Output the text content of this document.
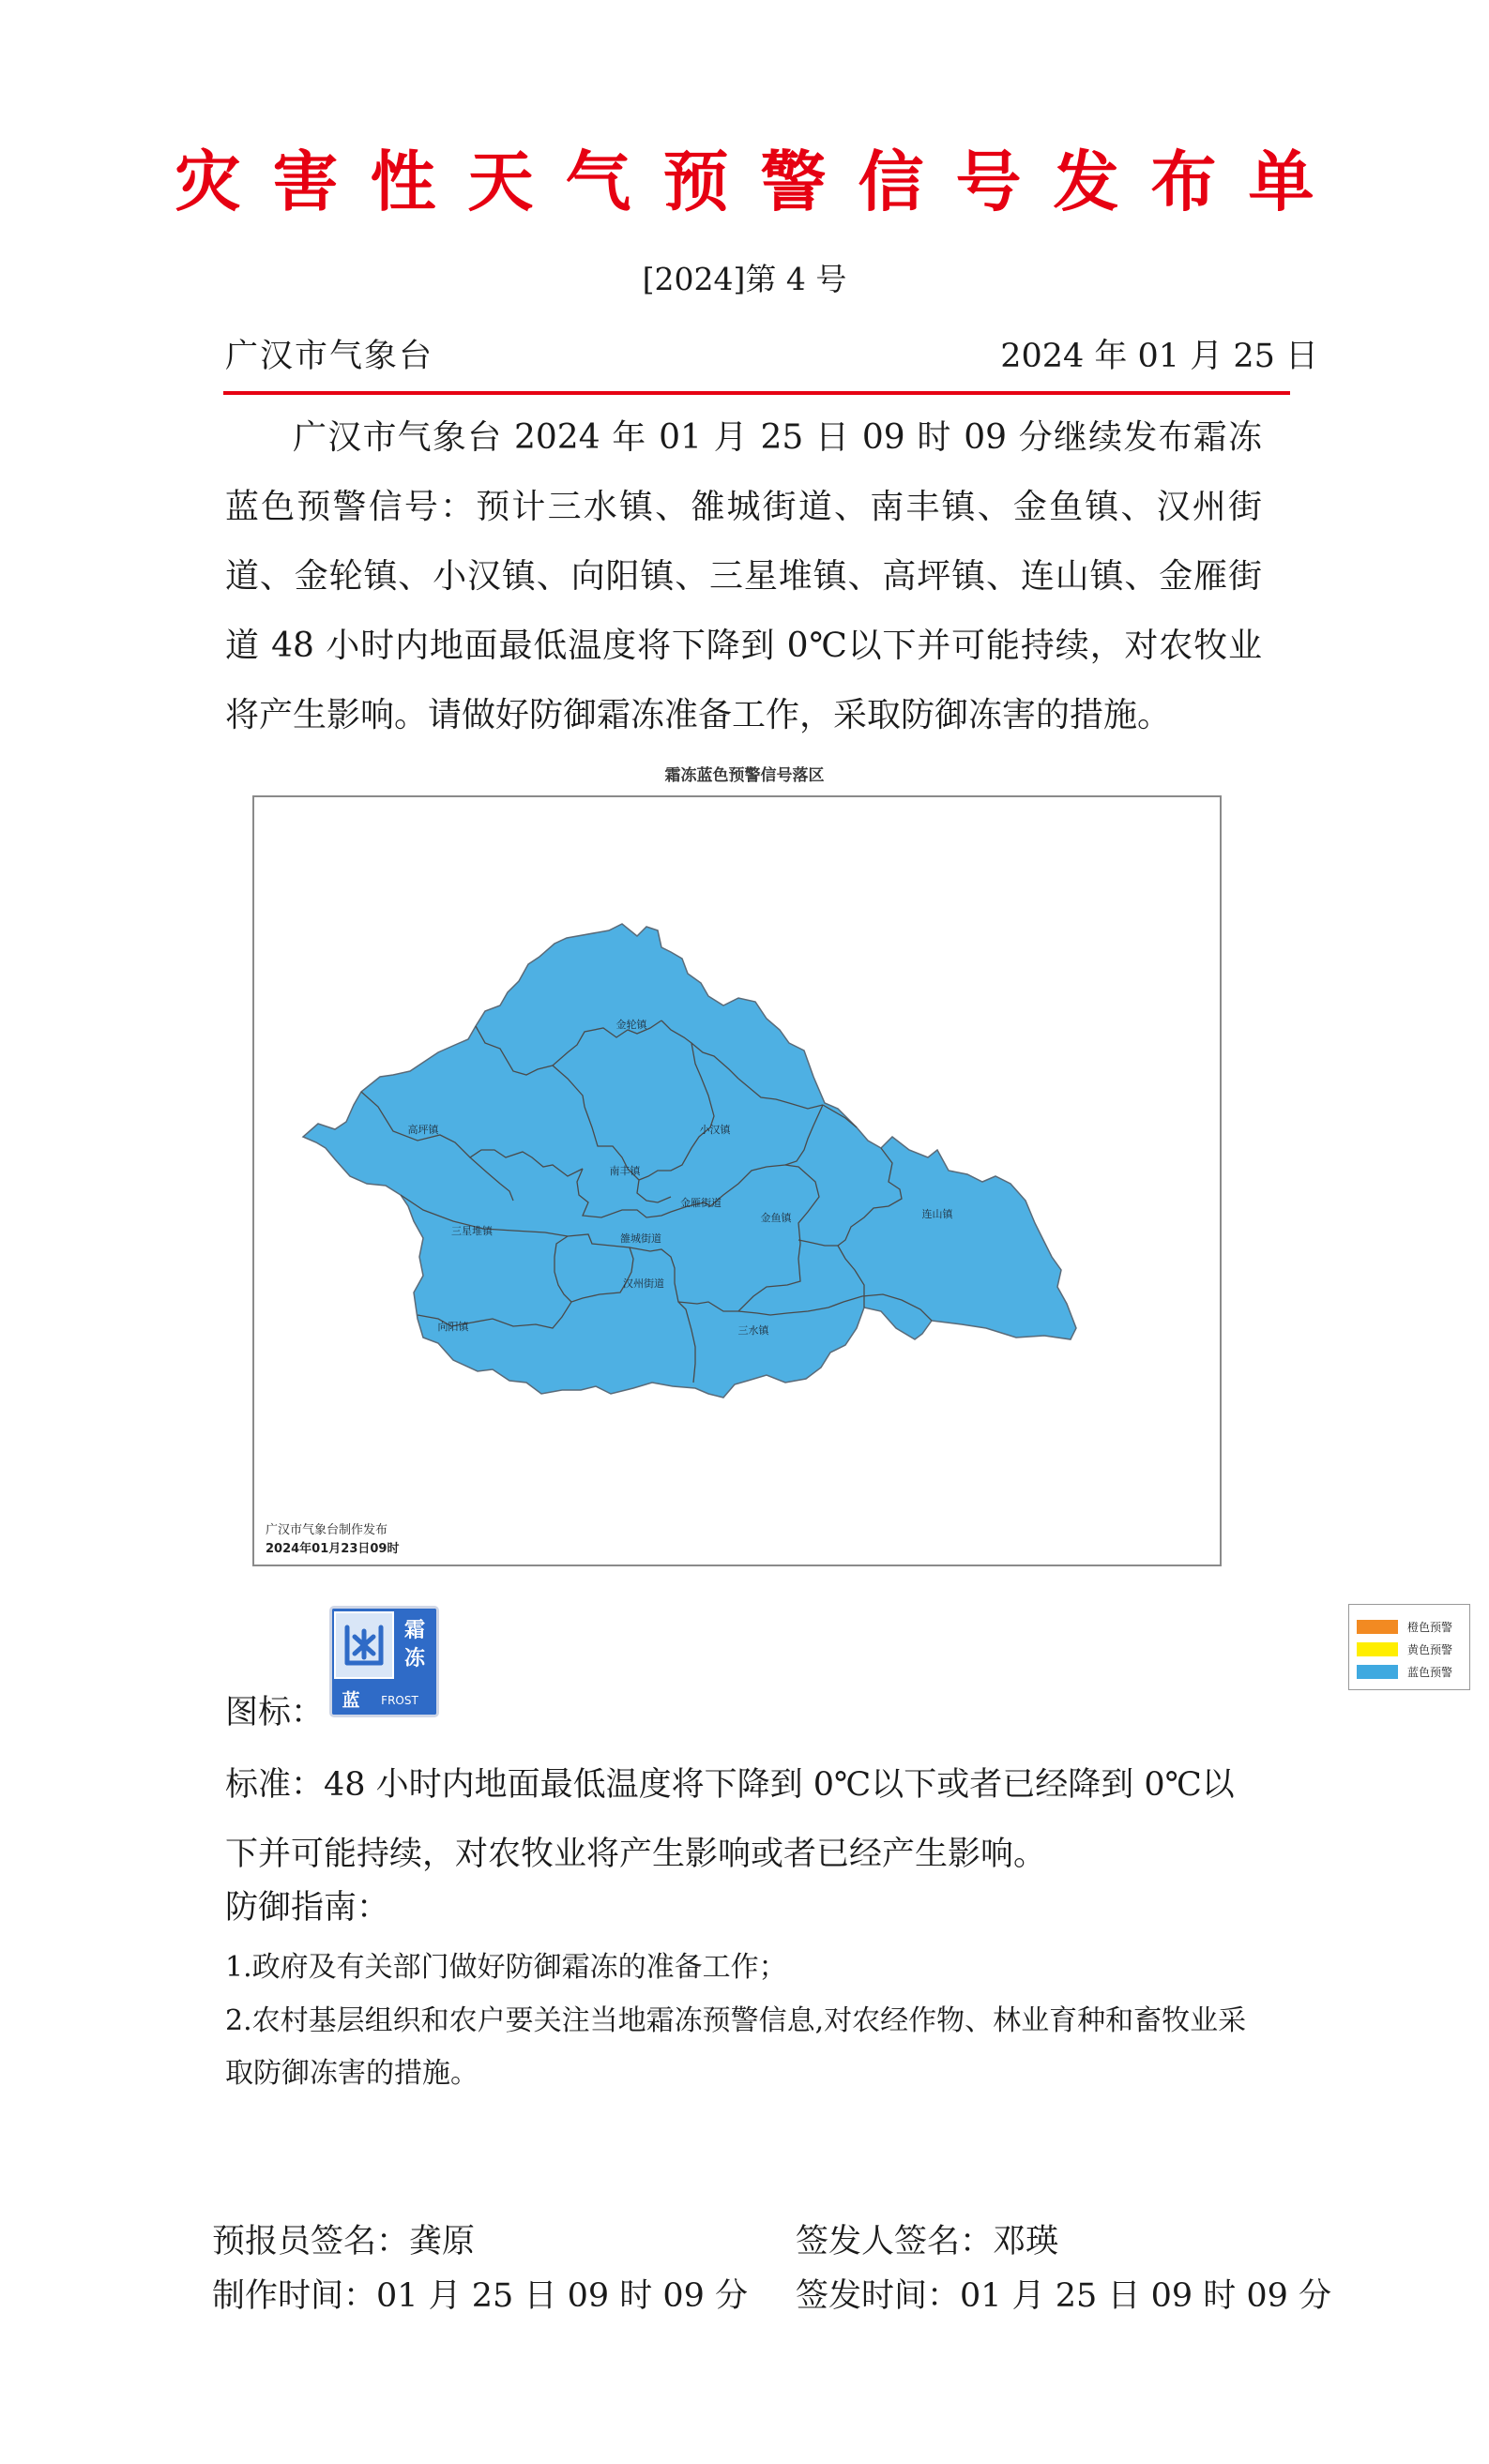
灾害性天气预警信号发布单
[2024]第 4 号
广汉市气象台	2024 年 01 月 25 日
广汉市气象台 2024 年 01 月 25 日 09 时 09 分继续发布霜冻蓝色预警信号：预计三水镇、雒城街道、南丰镇、金鱼镇、汉州街道、金轮镇、小汉镇、向阳镇、三星堆镇、高坪镇、连山镇、金雁街道 48 小时内地面最低温度将下降到 0℃以下并可能持续，对农牧业将产生影响。请做好防御霜冻准备工作，采取防御冻害的措施。
霜冻蓝色预警信号落区
金轮镇
高坪镇	小汉镇
南丰镇
金雁街道
金鱼镇	连山镇
三星堆镇
雒城街道
汉州街道
向阳镇	三水镇
橙色预警
黄色预警
蓝色预警
广汉市气象台制作发布
2024年01月23日09时
图标：
霜
蓝 FROST
冻
标准：48 小时内地面最低温度将下降到 0℃以下或者已经降到 0℃以下并可能持续，对农牧业将产生影响或者已经产生影响。
防御指南：
1.政府及有关部门做好防御霜冻的准备工作；
2.农村基层组织和农户要关注当地霜冻预警信息,对农经作物、林业育种和畜牧业采取防御冻害的措施。
预报员签名：龚原	签发人签名：邓瑛
制作时间：01 月 25 日 09 时 09 分 签发时间：01 月 25 日 09 时 09 分
